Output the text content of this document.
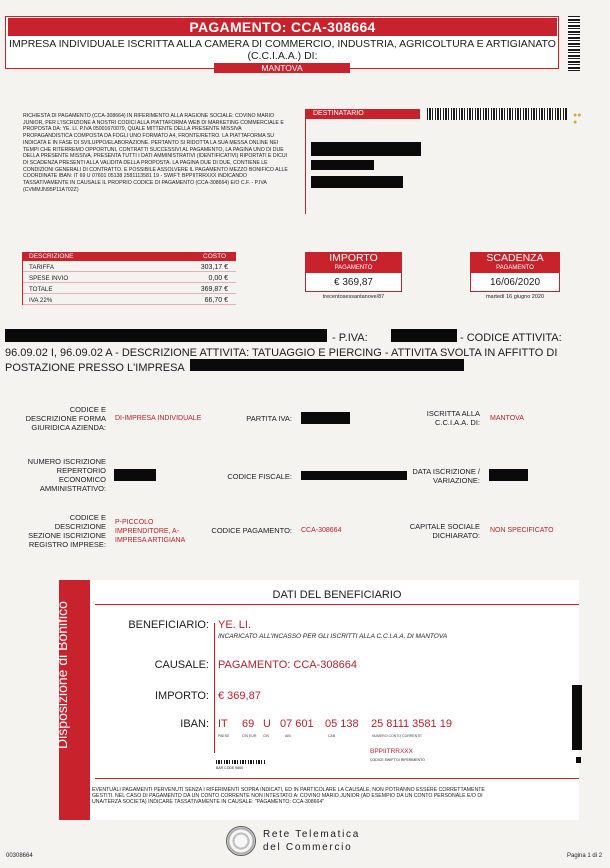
PAGAMENTO: CCA-308664
IMPRESA INDIVIDUALE ISCRITTA ALLA CAMERA DI COMMERCIO, INDUSTRIA, AGRICOLTURA E ARTIGIANATO
(C.C.I.A.A.) DI:
MANTOVA
●●
●
RICHIESTA DI PAGAMENTO (CCA-308664) IN RIFERIMENTO ALLA RAGIONE SOCIALE: COVINO MARIO JUNIOR, PER L'ISCRIZIONE A NOSTRI CODICI ALLA PIATTAFORMA WEB DI MARKETING COMMERCIALE E PROPOSTA DA: YE. LI. P.IVA 05001670079, QUALE MITTENTE DELLA PRESENTE MISSIVA PROPAGANDISTICA COMPOSTA DA FOGLI UNO FORMATO A4, FRONTE/RETRO. LA PIATTAFORMA SU INDICATA E IN FASE DI SVILUPPO/ELABORAZIONE. PERTANTO SI RIDOTTA LA SUA MESSA ONLINE NEI TEMPI CHE RITERREMO OPPORTUNI, CONTRATTI SUCCESSIVI AL PAGAMENTO, LA PAGINA UNO DI DUE DELLA PRESENTE MISSIVA, PRESENTA TUTTI I DATI AMMINISTRATIVI (IDENTIFICATIVI) RIPORTATI E DICUI DI SCADENZA PRESENTI ALLA VALIDITA DELLA PROPOSTA. LA PAGINA DUE DI DUE, CONTIENE LE CONDIZIONI GENERALI DI CONTRATTO. E POSSIBILE ASSOLVERE IL PAGAMENTO MEZZO BONIFICO ALLE COORDINATE IBAN: IT 69 U 07601 05138 2581113581 19 - SWIFT: BPPIITRRXXX INDICANDO TASSATIVAMENTE IN CAUSALE IL PROPRIO CODICE DI PAGAMENTO (CCA-308664) E/O C.F. - P.IVA (CVMMJN95P11A702Z)
DESTINATARIO
DESCRIZIONE	COSTO
TARIFFA	303,17 €
SPESE INVIO	0,00 €
TOTALE	369,87 €
IVA 22%	66,70 €
IMPORTO
PAGAMENTO
€ 369,87
trecentosessantanove/87
SCADENZA
PAGAMENTO
16/06/2020
martedì 16 giugno 2020
- P.IVA:	- CODICE ATTIVITA:
96.09.02 I, 96.09.02 A - DESCRIZIONE ATTIVITA: TATUAGGIO E PIERCING - ATTIVITA SVOLTA IN AFFITTO DI
POSTAZIONE PRESSO L'IMPRESA
CODICE E DESCRIZIONE FORMA GIURIDICA AZIENDA:
DI-IMPRESA INDIVIDUALE	PARTITA IVA:
ISCRITTA ALLA C.C.I.A.A. DI: MANTOVA
NUMERO ISCRIZIONE REPERTORIO ECONOMICO AMMINISTRATIVO:
CODICE FISCALE:
DATA ISCRIZIONE / VARIAZIONE:
CODICE E DESCRIZIONE SEZIONE ISCRIZIONE REGISTRO IMPRESE:
P-PICCOLO IMPRENDITORE, A-IMPRESA ARTIGIANA
CODICE PAGAMENTO: CCA-308664	CAPITALE SOCIALE DICHIARATO:
NON SPECIFICATO
Disposizione di Bonifico
DATI DEL BENEFICIARIO
BENEFICIARIO: YE. LI.
INCARICATO ALL'INCASSO PER GLI ISCRITTI ALLA C.C.I.A.A. DI MANTOVA
CAUSALE: PAGAMENTO: CCA-308664
IMPORTO: € 369,87
IBAN: IT 69 U 07 601 05 138 25 8111 3581 19
PAESE	CIN EUR CIN	ABI	CAB	NUMERO CONTO CORRENTE
BPPIITRRXXX
CODICE SWIFT DI RIFERIMENTO
BAR CODE 9660
EVENTUALI PAGAMENTI PERVENUTI SENZA I RIFERIMENTI SOPRA INDICATI, ED IN PARTICOLARE LA CAUSALE, NON POTRANNO ESSERE CORRETTAMENTE GESTITI. NEL CASO DI PAGAMENTO DA UN CONTO CORRENTE NON INTESTATO A: COVINO MARIO JUNIOR (AD ESEMPIO DA UN CONTO PERSONALE E/O DI UNA/TERZA SOCIETA) INDICARE TASSATIVAMENTE IN CAUSALE: "PAGAMENTO: CCA-308664"
Rete Telematica
del Commercio
00308664	Pagina 1 di 2
